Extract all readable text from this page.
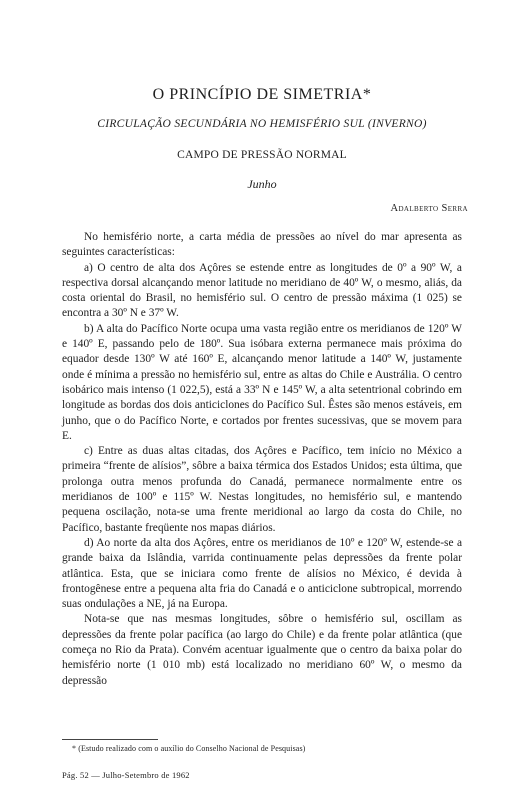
O PRINCÍPIO DE SIMETRIA*
CIRCULAÇÃO SECUNDÁRIA NO HEMISFÉRIO SUL (INVERNO)
CAMPO DE PRESSÃO NORMAL
Junho
Adalberto Serra

No hemisfério norte, a carta média de pressões ao nível do mar apresenta as seguintes características:

a) O centro de alta dos Açôres se estende entre as longitudes de 0º a 90º W, a respectiva dorsal alcançando menor latitude no meridiano de 40º W, o mesmo, aliás, da costa oriental do Brasil, no hemisfério sul. O centro de pressão máxima (1 025) se encontra a 30º N e 37º W.

b) A alta do Pacífico Norte ocupa uma vasta região entre os meridianos de 120º W e 140º E, passando pelo de 180º. Sua isóbara externa permanece mais próxima do equador desde 130º W até 160º E, alcançando menor latitude a 140º W, justamente onde é mínima a pressão no hemisfério sul, entre as altas do Chile e Austrália. O centro isobárico mais intenso (1 022,5), está a 33º N e 145º W, a alta setentrional cobrindo em longitude as bordas dos dois anticiclones do Pacífico Sul. Êstes são menos estáveis, em junho, que o do Pacífico Norte, e cortados por frentes sucessivas, que se movem para E.

c) Entre as duas altas citadas, dos Açôres e Pacífico, tem início no México a primeira “frente de alísios”, sôbre a baixa térmica dos Estados Unidos; esta última, que prolonga outra menos profunda do Canadá, permanece normalmente entre os meridianos de 100º e 115º W. Nestas longitudes, no hemisfério sul, e mantendo pequena oscilação, nota-se uma frente meridional ao largo da costa do Chile, no Pacífico, bastante freqüente nos mapas diários.

d) Ao norte da alta dos Açôres, entre os meridianos de 10º e 120º W, estende-se a grande baixa da Islândia, varrida continuamente pelas depressões da frente polar atlântica. Esta, que se iniciara como frente de alísios no México, é devida à frontogênese entre a pequena alta fria do Canadá e o anticiclone subtropical, morrendo suas ondulações a NE, já na Europa.

Nota-se que nas mesmas longitudes, sôbre o hemisfério sul, oscillam as depressões da frente polar pacífica (ao largo do Chile) e da frente polar atlântica (que começa no Rio da Prata). Convém acentuar igualmente que o centro da baixa polar do hemisfério norte (1 010 mb) está localizado no meridiano 60º W, o mesmo da depressão

* (Estudo realizado com o auxílio do Conselho Nacional de Pesquisas)
Pág. 52 — Julho-Setembro de 1962
